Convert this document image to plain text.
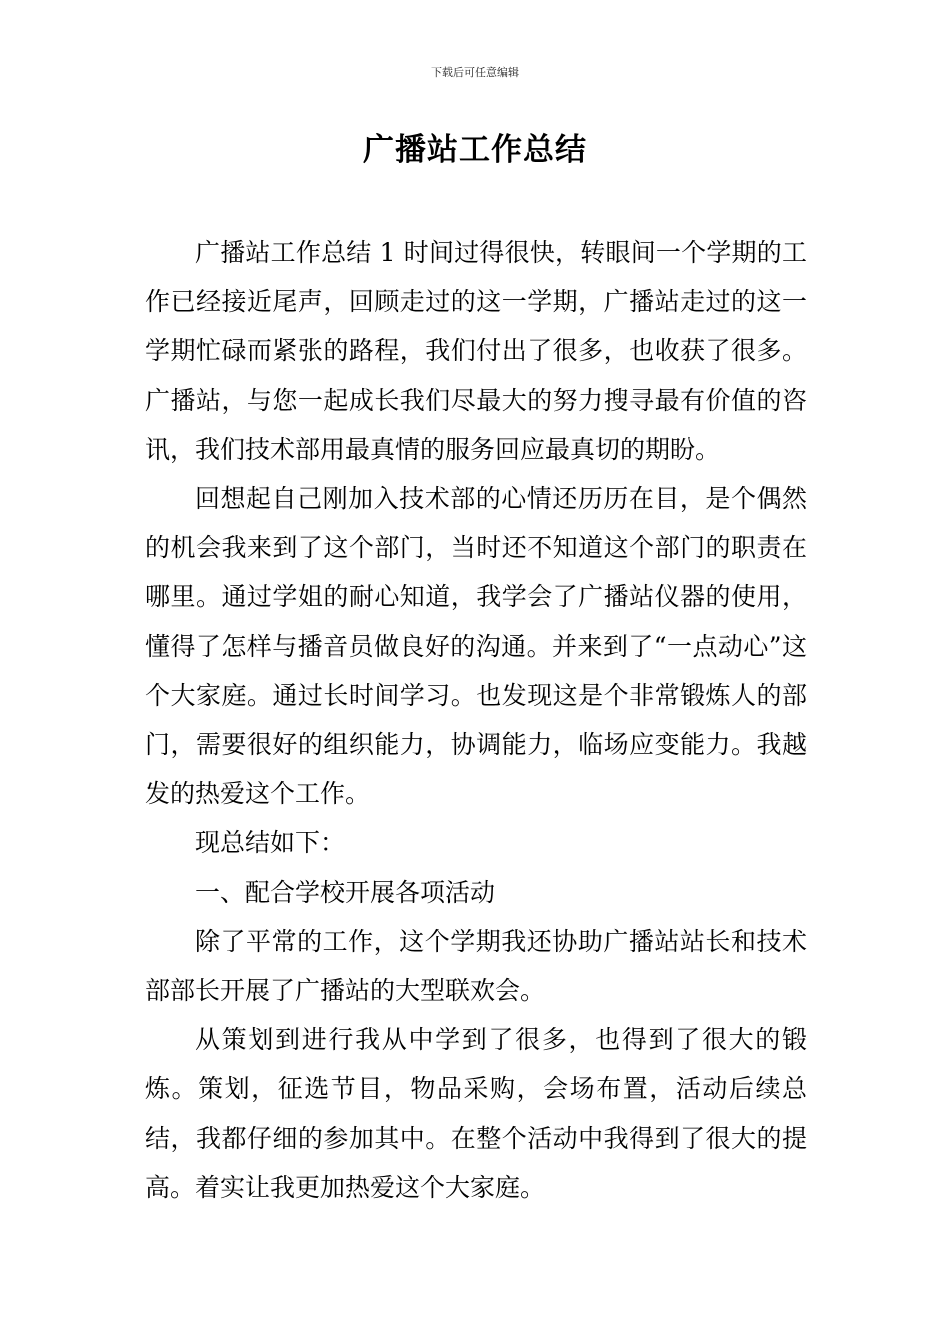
下载后可任意编辑
广播站工作总结

广播站工作总结 1 时间过得很快，转眼间一个学期的工作已经接近尾声，回顾走过的这一学期，广播站走过的这一学期忙碌而紧张的路程，我们付出了很多，也收获了很多。广播站，与您一起成长我们尽最大的努力搜寻最有价值的咨讯，我们技术部用最真情的服务回应最真切的期盼。

回想起自己刚加入技术部的心情还历历在目，是个偶然的机会我来到了这个部门，当时还不知道这个部门的职责在哪里。通过学姐的耐心知道，我学会了广播站仪器的使用，懂得了怎样与播音员做良好的沟通。并来到了“一点动心”这个大家庭。通过长时间学习。也发现这是个非常锻炼人的部门，需要很好的组织能力，协调能力，临场应变能力。我越发的热爱这个工作。

现总结如下：

一、配合学校开展各项活动

除了平常的工作，这个学期我还协助广播站站长和技术部部长开展了广播站的大型联欢会。

从策划到进行我从中学到了很多，也得到了很大的锻炼。策划，征选节目，物品采购，会场布置，活动后续总结，我都仔细的参加其中。在整个活动中我得到了很大的提高。着实让我更加热爱这个大家庭。
